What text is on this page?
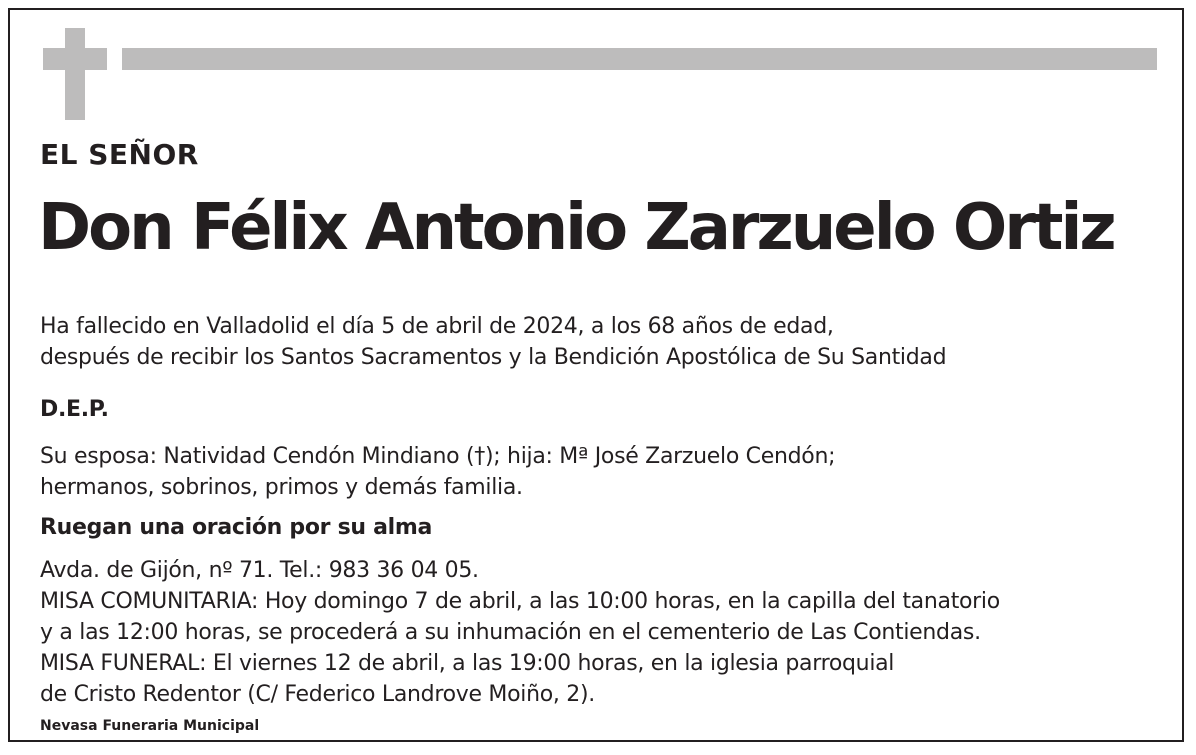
EL SEÑOR
Don Félix Antonio Zarzuelo Ortiz
Ha fallecido en Valladolid el día 5 de abril de 2024, a los 68 años de edad,
después de recibir los Santos Sacramentos y la Bendición Apostólica de Su Santidad
D.E.P.
Su esposa: Natividad Cendón Mindiano (†); hija: Mª José Zarzuelo Cendón;
hermanos, sobrinos, primos y demás familia.
Ruegan una oración por su alma
Avda. de Gijón, nº 71. Tel.: 983 36 04 05.
MISA COMUNITARIA: Hoy domingo 7 de abril, a las 10:00 horas, en la capilla del tanatorio
y a las 12:00 horas, se procederá a su inhumación en el cementerio de Las Contiendas.
MISA FUNERAL: El viernes 12 de abril, a las 19:00 horas, en la iglesia parroquial
de Cristo Redentor (C/ Federico Landrove Moiño, 2).
Nevasa Funeraria Municipal
